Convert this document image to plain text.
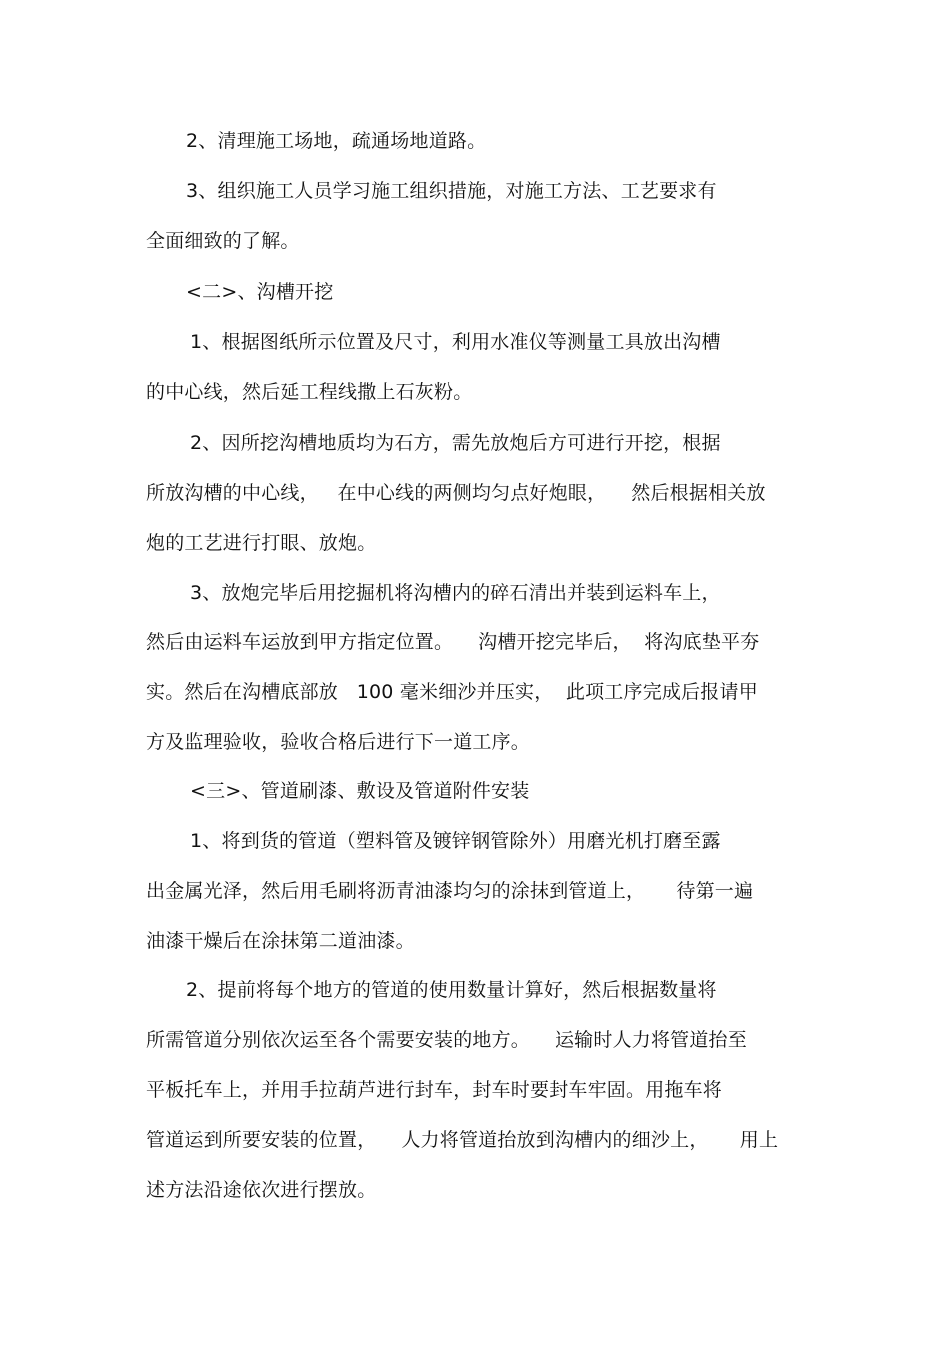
2、清理施工场地，疏通场地道路。
3、组织施工人员学习施工组织措施，对施工方法、工艺要求有
全面细致的了解。
<二>、沟槽开挖
1、根据图纸所示位置及尺寸，利用水准仪等测量工具放出沟槽
的中心线，然后延工程线撒上石灰粉。
2、因所挖沟槽地质均为石方，需先放炮后方可进行开挖，根据
所放沟槽的中心线，   在中心线的两侧均匀点好炮眼，    然后根据相关放
炮的工艺进行打眼、放炮。
3、放炮完毕后用挖掘机将沟槽内的碎石清出并装到运料车上，
然后由运料车运放到甲方指定位置。    沟槽开挖完毕后，  将沟底垫平夯
实。然后在沟槽底部放   100 毫米细沙并压实，  此项工序完成后报请甲
方及监理验收，验收合格后进行下一道工序。
<三>、管道刷漆、敷设及管道附件安装
1、将到货的管道（塑料管及镀锌钢管除外）用磨光机打磨至露
出金属光泽，然后用毛刷将沥青油漆均匀的涂抹到管道上，     待第一遍
油漆干燥后在涂抹第二道油漆。
2、提前将每个地方的管道的使用数量计算好，然后根据数量将
所需管道分别依次运至各个需要安装的地方。    运输时人力将管道抬至
平板托车上，并用手拉葫芦进行封车，封车时要封车牢固。用拖车将
管道运到所要安装的位置，    人力将管道抬放到沟槽内的细沙上，     用上
述方法沿途依次进行摆放。
